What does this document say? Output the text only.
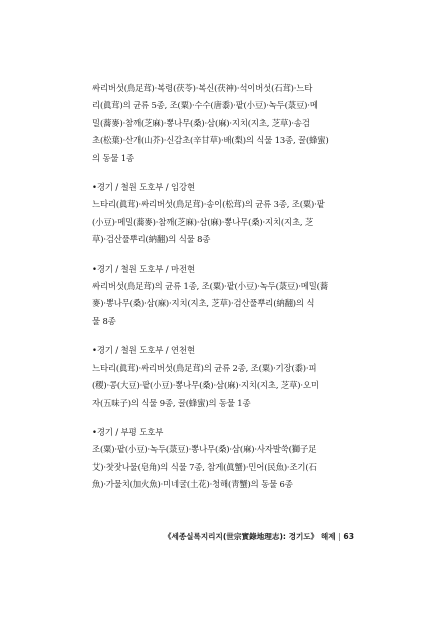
싸리버섯(鳥足茸)·복령(茯苓)·복신(茯神)·석이버섯(石茸)·느타
리(眞茸)의 균류 5종, 조(粟)·수수(唐黍)·팥(小豆)·녹두(菉豆)·메
밀(蕎麥)·참깨(芝麻)·뽕나무(桑)·삼(麻)·지치(지초, 芝草)·송검
초(松葉)·산개(山芥)·신감초(辛甘草)·배(梨)의 식물 13종, 꿀(蜂蜜)
의 동물 1종

•경기 / 철원 도호부 / 임강현

느타리(眞茸)·싸리버섯(鳥足茸)·송이(松茸)의 균류 3종, 조(粟)·팥
(小豆)·메밀(蕎麥)·참깨(芝麻)·삼(麻)·뽕나무(桑)·지치(지초, 芝
草)·검산풀뿌리(納翻)의 식물 8종

•경기 / 철원 도호부 / 마전현

싸리버섯(鳥足茸)의 균류 1종, 조(粟)·팥(小豆)·녹두(菉豆)·메밀(蕎
麥)·뽕나무(桑)·삼(麻)·지치(지초, 芝草)·검산풀뿌리(納翻)의 식
물 8종

•경기 / 철원 도호부 / 연천현

느타리(眞茸)·싸리버섯(鳥足茸)의 균류 2종, 조(粟)·기장(黍)·피
(稷)·콩(大豆)·팥(小豆)·뽕나무(桑)·삼(麻)·지치(지초, 芝草)·오미
자(五味子)의 식물 9종, 꿀(蜂蜜)의 동물 1종

•경기 / 부평 도호부

조(粟)·팥(小豆)·녹두(菉豆)·뽕나무(桑)·삼(麻)·사자발쑥(獅子足
艾)·찻잣나물(皂角)의 식물 7종, 참게(眞蟹)·민어(民魚)·조기(石
魚)·가물치(加火魚)·미네굴(土花)·청해(靑蟹)의 동물 6종

《세종실록지리지(世宗實錄地理志): 경기도》 해제 | 63
